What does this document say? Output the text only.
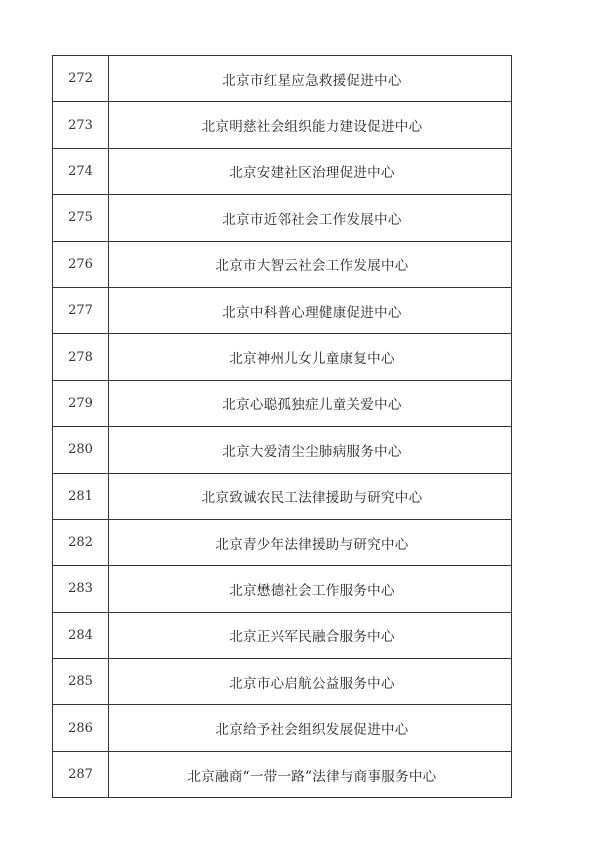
272	北京市红星应急救援促进中心
273	北京明慈社会组织能力建设促进中心
274	北京安建社区治理促进中心
275	北京市近邻社会工作发展中心
276	北京市大智云社会工作发展中心
277	北京中科普心理健康促进中心
278	北京神州儿女儿童康复中心
279	北京心聪孤独症儿童关爱中心
280	北京大爱清尘尘肺病服务中心
281	北京致诚农民工法律援助与研究中心
282	北京青少年法律援助与研究中心
283	北京懋德社会工作服务中心
284	北京正兴军民融合服务中心
285	北京市心启航公益服务中心
286	北京给予社会组织发展促进中心
287	北京融商“一带一路”法律与商事服务中心
